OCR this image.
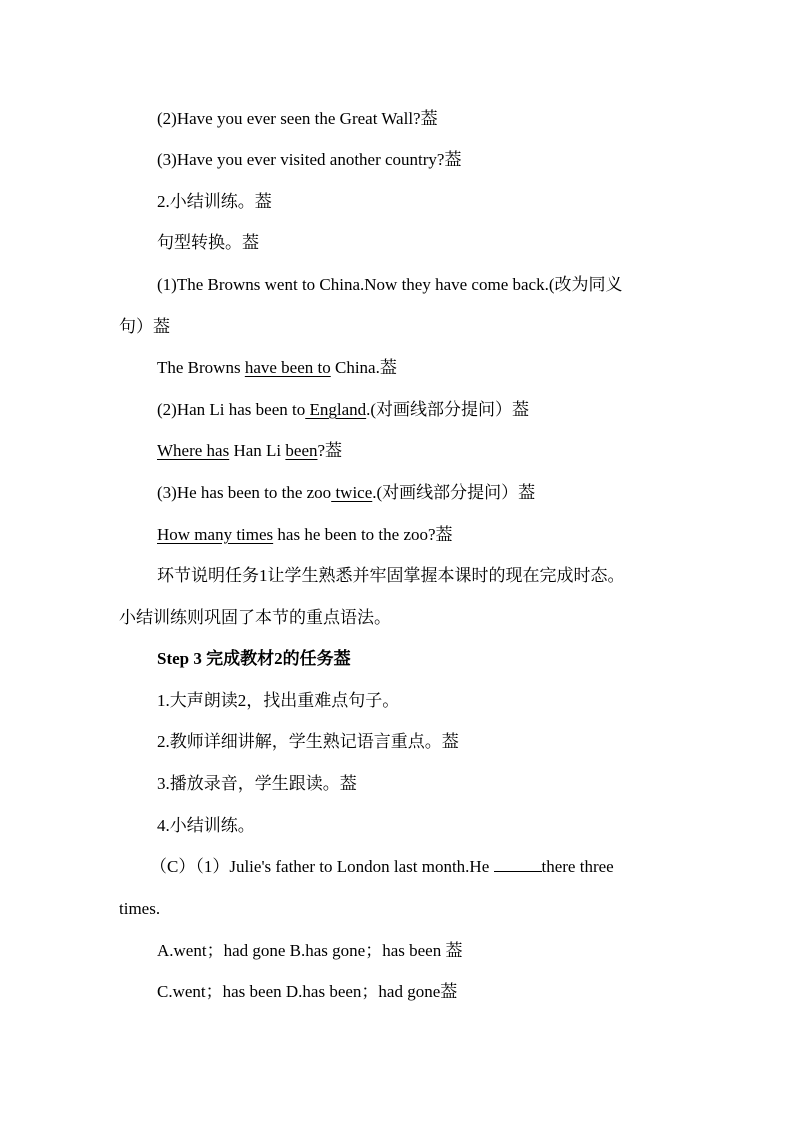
(2)Have you ever seen the Great Wall?葢
(3)Have you ever visited another country?葢
2.小结训练。葢
句型转换。葢
(1)The Browns went to China.Now they have come back.(改为同义
句）葢
The Browns have been to China.葢
(2)Han Li has been to England.(对画线部分提问）葢
Where has Han Li been?葢
(3)He has been to the zoo twice.(对画线部分提问）葢
How many times has he been to the zoo?葢
环节说明任务1让学生熟悉并牢固掌握本课时的现在完成时态。
小结训练则巩固了本节的重点语法。
Step 3 完成教材2的任务葢
1.大声朗读2，找出重难点句子。
2.教师详细讲解，学生熟记语言重点。葢
3.播放录音，学生跟读。葢
4.小结训练。
（C）（1）Julie's father to London last month.He	there three
times.
A.went；had gone B.has gone；has been 葢
C.went；has been D.has been；had gone葢
